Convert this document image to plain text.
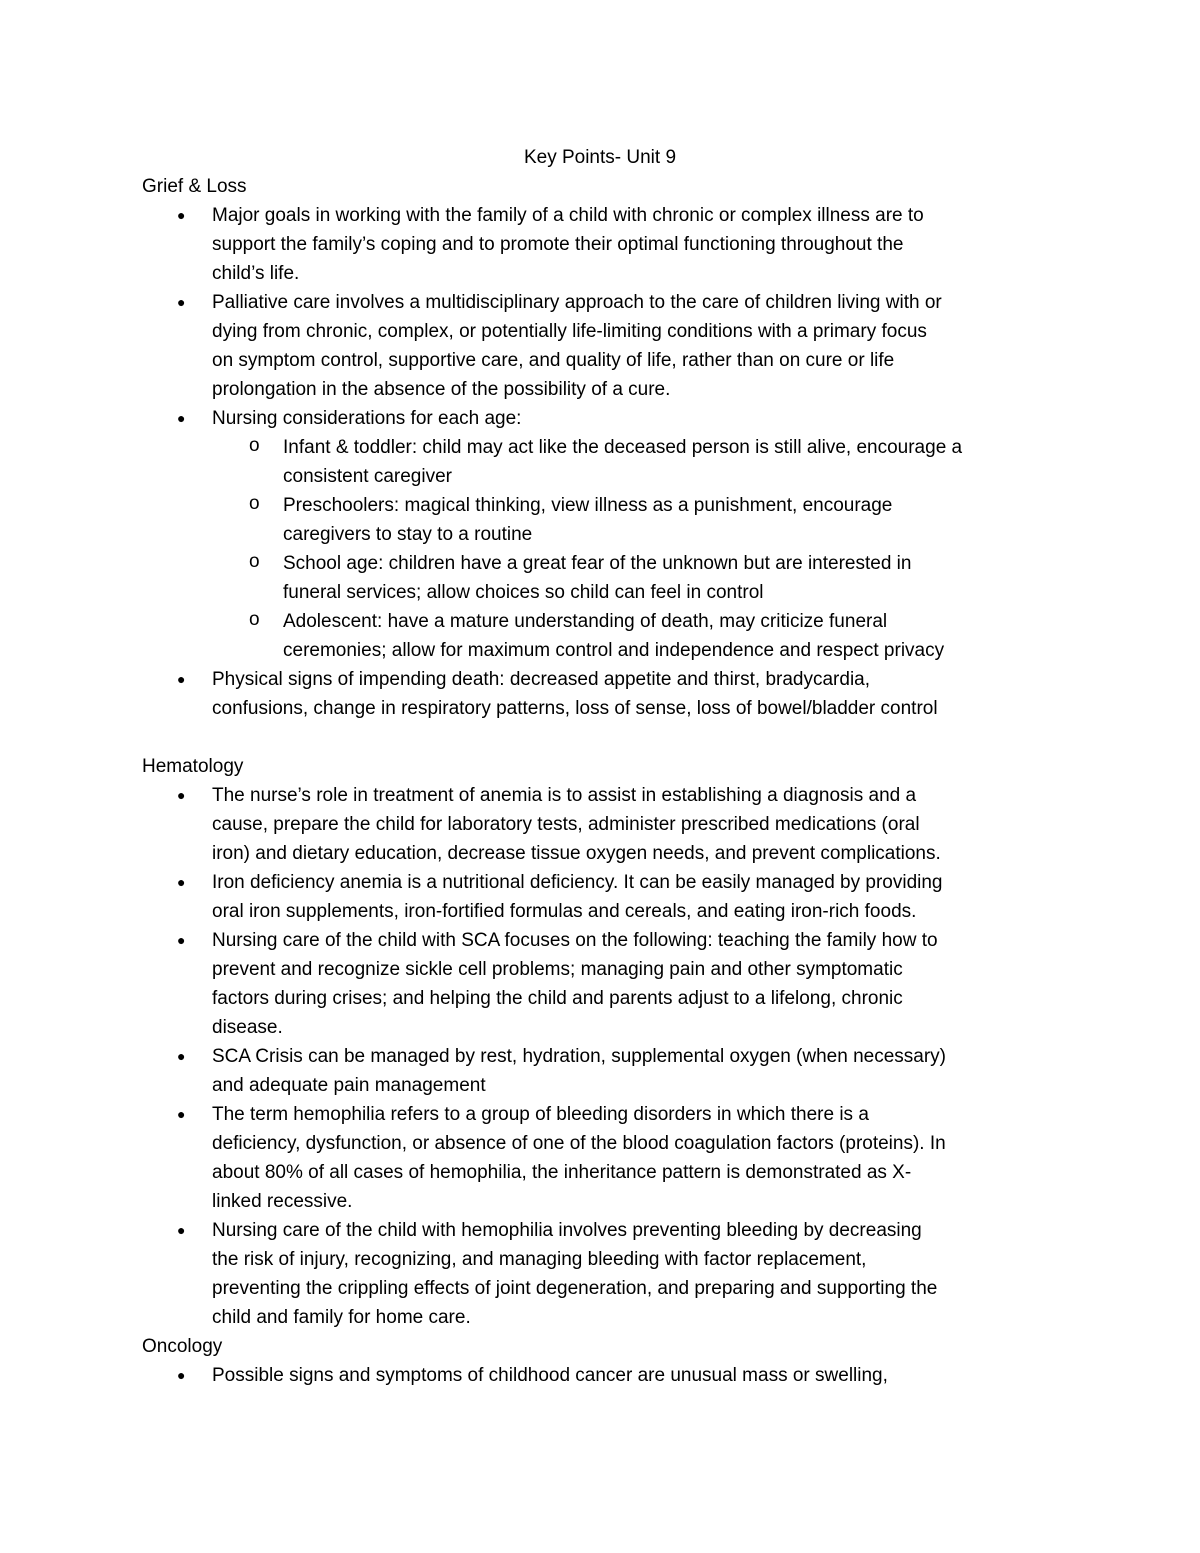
Key Points- Unit 9
Grief & Loss
● Major goals in working with the family of a child with chronic or complex illness are to
support the family’s coping and to promote their optimal functioning throughout the
child’s life.
● Palliative care involves a multidisciplinary approach to the care of children living with or
dying from chronic, complex, or potentially life-limiting conditions with a primary focus
on symptom control, supportive care, and quality of life, rather than on cure or life
prolongation in the absence of the possibility of a cure.
● Nursing considerations for each age:
o Infant & toddler: child may act like the deceased person is still alive, encourage a
consistent caregiver
o Preschoolers: magical thinking, view illness as a punishment, encourage
caregivers to stay to a routine
o School age: children have a great fear of the unknown but are interested in
funeral services; allow choices so child can feel in control
o Adolescent: have a mature understanding of death, may criticize funeral
ceremonies; allow for maximum control and independence and respect privacy
● Physical signs of impending death: decreased appetite and thirst, bradycardia,
confusions, change in respiratory patterns, loss of sense, loss of bowel/bladder control
Hematology
● The nurse’s role in treatment of anemia is to assist in establishing a diagnosis and a
cause, prepare the child for laboratory tests, administer prescribed medications (oral
iron) and dietary education, decrease tissue oxygen needs, and prevent complications.
● Iron deficiency anemia is a nutritional deficiency. It can be easily managed by providing
oral iron supplements, iron-fortified formulas and cereals, and eating iron-rich foods.
● Nursing care of the child with SCA focuses on the following: teaching the family how to
prevent and recognize sickle cell problems; managing pain and other symptomatic
factors during crises; and helping the child and parents adjust to a lifelong, chronic
disease.
● SCA Crisis can be managed by rest, hydration, supplemental oxygen (when necessary)
and adequate pain management
● The term hemophilia refers to a group of bleeding disorders in which there is a
deficiency, dysfunction, or absence of one of the blood coagulation factors (proteins). In
about 80% of all cases of hemophilia, the inheritance pattern is demonstrated as X-
linked recessive.
● Nursing care of the child with hemophilia involves preventing bleeding by decreasing
the risk of injury, recognizing, and managing bleeding with factor replacement,
preventing the crippling effects of joint degeneration, and preparing and supporting the
child and family for home care.
Oncology
● Possible signs and symptoms of childhood cancer are unusual mass or swelling,
